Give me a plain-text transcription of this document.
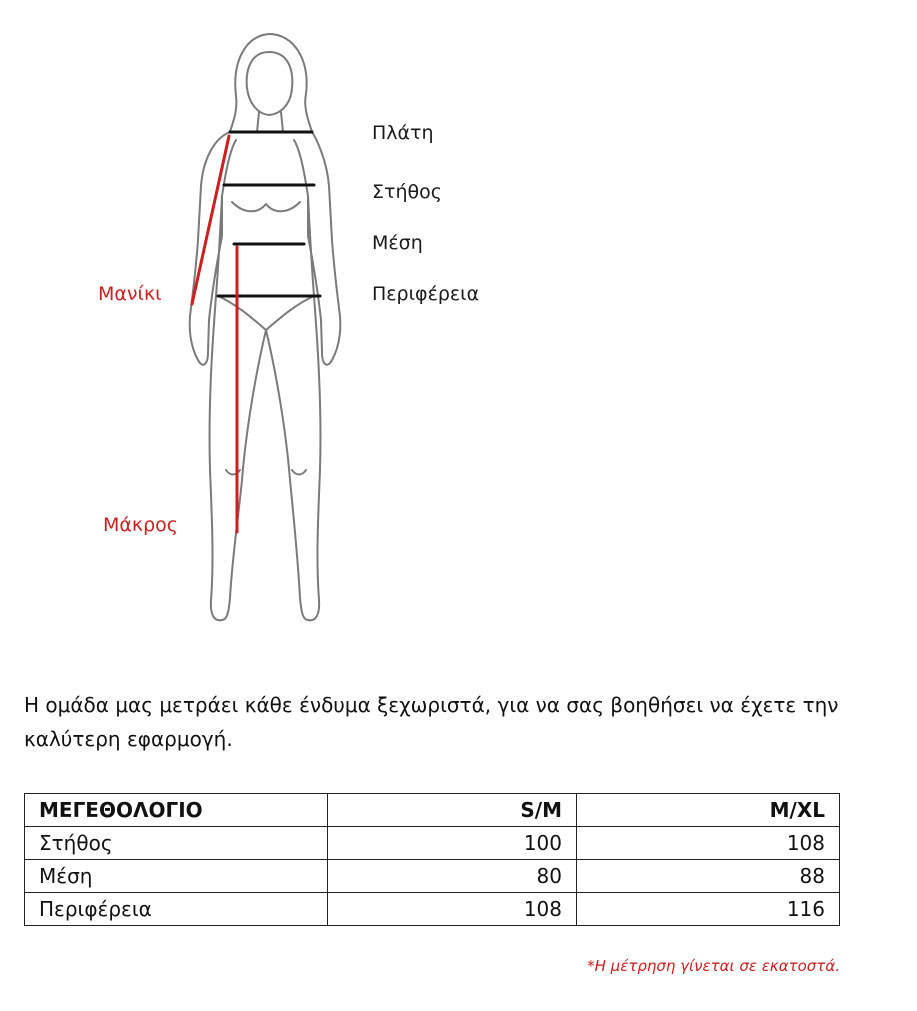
Πλάτη
Στήθος
Μέση
Περιφέρεια
Μανίκι
Μάκρος

Η ομάδα μας μετράει κάθε ένδυμα ξεχωριστά, για να σας βοηθήσει να έχετε την καλύτερη εφαρμογή.

ΜΕΓΕΘΟΛΟΓΙΟ	S/M	M/XL
Στήθος	100	108
Μέση	80	88
Περιφέρεια	108	116
*Η μέτρηση γίνεται σε εκατοστά.
